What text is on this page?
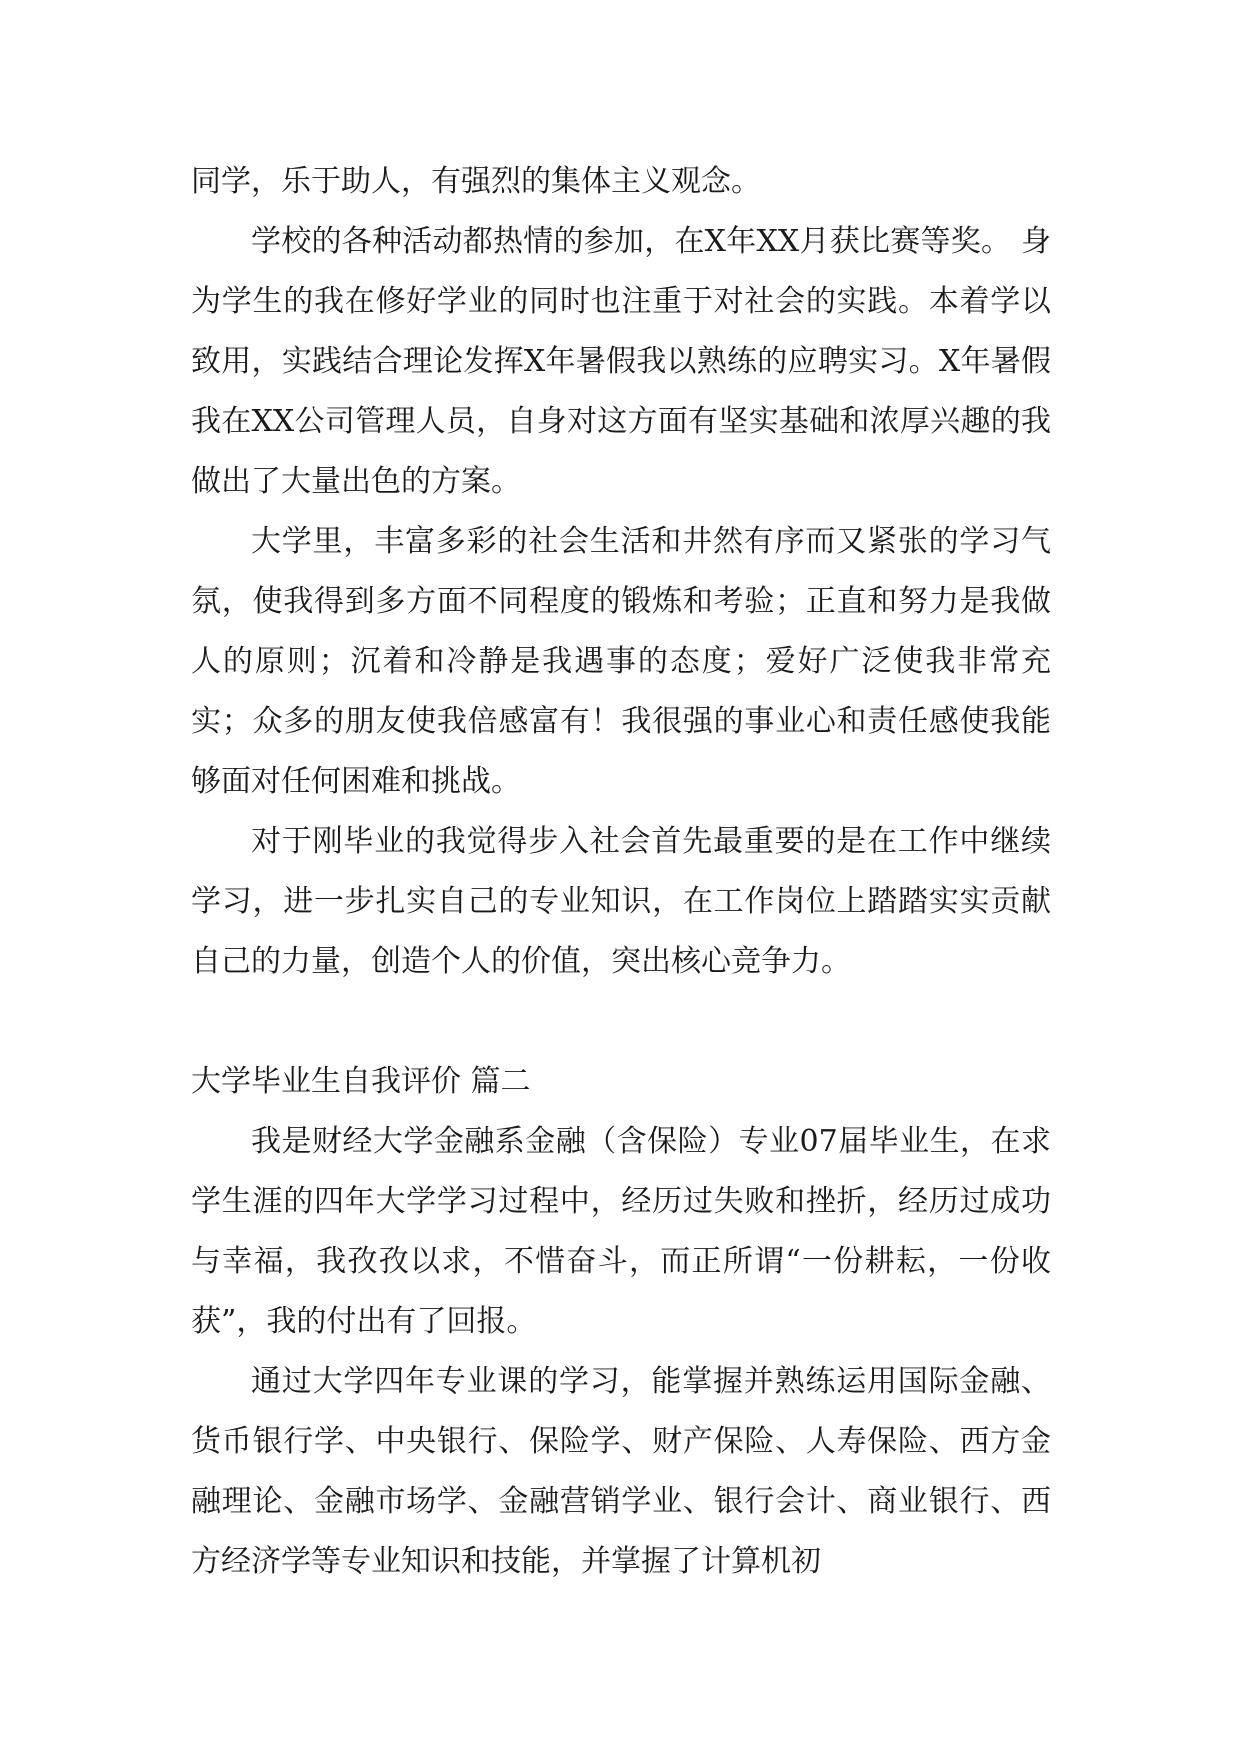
同学，乐于助人，有强烈的集体主义观念。

学校的各种活动都热情的参加，在X年XX月获比赛等奖。 身为学生的我在修好学业的同时也注重于对社会的实践。本着学以致用，实践结合理论发挥X年暑假我以熟练的应聘实习。X年暑假我在XX公司管理人员，自身对这方面有坚实基础和浓厚兴趣的我做出了大量出色的方案。

大学里，丰富多彩的社会生活和井然有序而又紧张的学习气氛，使我得到多方面不同程度的锻炼和考验；正直和努力是我做人的原则；沉着和冷静是我遇事的态度；爱好广泛使我非常充实；众多的朋友使我倍感富有！我很强的事业心和责任感使我能够面对任何困难和挑战。

对于刚毕业的我觉得步入社会首先最重要的是在工作中继续学习，进一步扎实自己的专业知识，在工作岗位上踏踏实实贡献自己的力量，创造个人的价值，突出核心竞争力。

大学毕业生自我评价 篇二

我是财经大学金融系金融（含保险）专业07届毕业生，在求学生涯的四年大学学习过程中，经历过失败和挫折，经历过成功与幸福，我孜孜以求，不惜奋斗，而正所谓“一份耕耘，一份收获”，我的付出有了回报。

通过大学四年专业课的学习，能掌握并熟练运用国际金融、货币银行学、中央银行、保险学、财产保险、人寿保险、西方金融理论、金融市场学、金融营销学业、银行会计、商业银行、西方经济学等专业知识和技能，并掌握了计算机初
